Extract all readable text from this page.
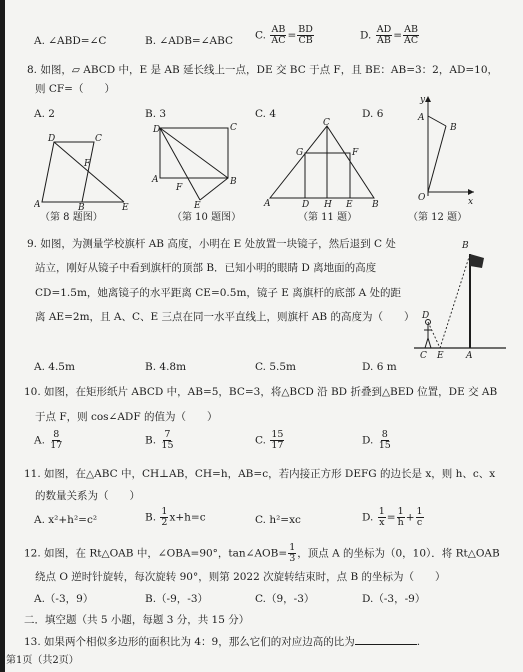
A. ∠ABD=∠C	B. ∠ADB=∠ABC C. $\frac{AB}{AC} = \frac{BD}{CB}$	D. $\frac{AD}{AB} = \frac{AB}{AC}$
8. 如图，▱ ABCD 中，E 是 AB 延长线上一点，DE 交 BC 于点 F，且 BE：AB=3：2，AD=10，
则 CF=（　　）
A. 2	B. 3	C. 4	D. 6
D	C
F
A	B	E
（第 8 题图）
D	C
A
F
E
B
（第 10 题图）
C
G	F
A	D H E B
（第 11 题）
y
A
B
O	x
（第 12 题）
9. 如图，为测量学校旗杆 AB 高度，小明在 E 处放置一块镜子，然后退到 C 处
站立，刚好从镜子中看到旗杆的顶部 B．已知小明的眼睛 D 离地面的高度
CD=1.5m，她离镜子的水平距离 CE=0.5m，镜子 E 离旗杆的底部 A 处的距
离 AE=2m，且 A、C、E 三点在同一水平直线上，则旗杆 AB 的高度为（　　）
A. 4.5m	B. 4.8m	C. 5.5m	D. 6 m
B
D
C E A
10. 如图，在矩形纸片 ABCD 中，AB=5，BC=3，将△BCD 沿 BD 折叠到△BED 位置，DE 交 AB
于点 F，则 cos∠ADF 的值为（　　）
A. $\frac{8}{17}$	B. $\frac{7}{15}$	C. $\frac{15}{17}$	D. $\frac{8}{15}$
11. 如图，在△ABC 中，CH⊥AB，CH=h，AB=c，若内接正方形 DEFG 的边长是 x，则 h、c、x
的数量关系为（　　）
A. x²+h²=c²	B. $\frac{1}{2} x+h=c$	C. h²=xc	D. $\frac{1}{x} = \frac{1}{h} + \frac{1}{c}$
12. 如图，在 Rt△OAB 中，∠OBA=90°，tan∠AOB= $\frac{1}{3}$ ，顶点 A 的坐标为（0，10）．将 Rt△OAB
绕点 O 逆时针旋转，每次旋转 90°，则第 2022 次旋转结束时，点 B 的坐标为（　　）
A.（-3，9）	B.（-9，-3）	C.（9，-3）	D.（-3，-9）
二．填空题（共 5 小题，每题 3 分，共 15 分）
13. 如果两个相似多边形的面积比为 4：9，那么它们的对应边高的比为	.
第1页（共2页）
